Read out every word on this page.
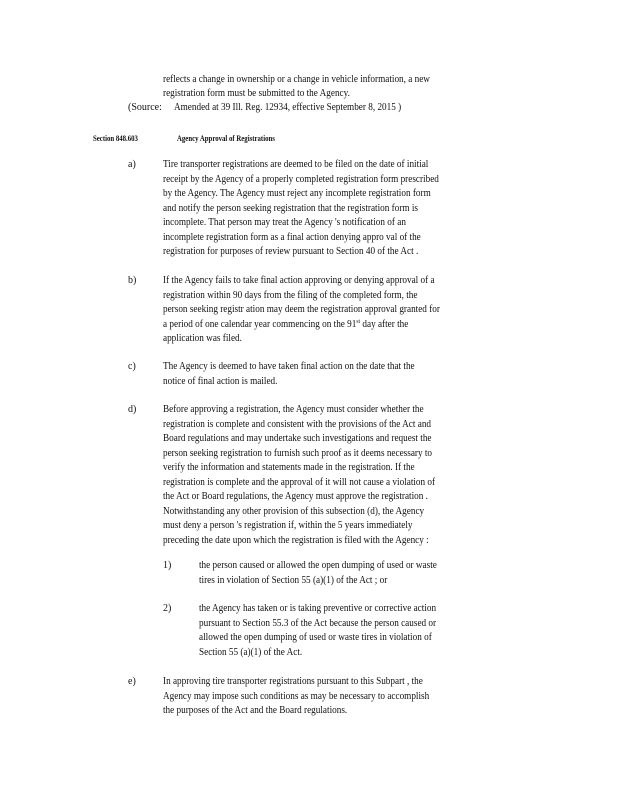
reflects a change in ownership or a change in vehicle information, a new
registration form must be submitted to the Agency.
(Source: Amended at 39 Ill. Reg. 12934, effective September 8, 2015 )
Section 848.603	Agency Approval of Registrations
a)	Tire transporter registrations are deemed to be filed on the date of initial
receipt by the Agency of a properly completed registration form prescribed
by the Agency. The Agency must reject any incomplete registration form
and notify the person seeking registration that the registration form is
incomplete. That person may treat the Agency 's notification of an
incomplete registration form as a final action denying appro val of the
registration for purposes of review pursuant to Section 40 of the Act .
b)	If the Agency fails to take final action approving or denying approval of a
registration within 90 days from the filing of the completed form, the
person seeking registr ation may deem the registration approval granted for
a period of one calendar year commencing on the 91st day after the
application was filed.
c)	The Agency is deemed to have taken final action on the date that the
notice of final action is mailed.
d)	Before approving a registration, the Agency must consider whether the
registration is complete and consistent with the provisions of the Act and
Board regulations and may undertake such investigations and request the
person seeking registration to furnish such proof as it deems necessary to
verify the information and statements made in the registration. If the
registration is complete and the approval of it will not cause a violation of
the Act or Board regulations, the Agency must approve the registration .
Notwithstanding any other provision of this subsection (d), the Agency
must deny a person 's registration if, within the 5 years immediately
preceding the date upon which the registration is filed with the Agency :
1)	the person caused or allowed the open dumping of used or waste
tires in violation of Section 55 (a)(1) of the Act ; or
2)	the Agency has taken or is taking preventive or corrective action
pursuant to Section 55.3 of the Act because the person caused or
allowed the open dumping of used or waste tires in violation of
Section 55 (a)(1) of the Act.
e)	In approving tire transporter registrations pursuant to this Subpart , the
Agency may impose such conditions as may be necessary to accomplish
the purposes of the Act and the Board regulations.
